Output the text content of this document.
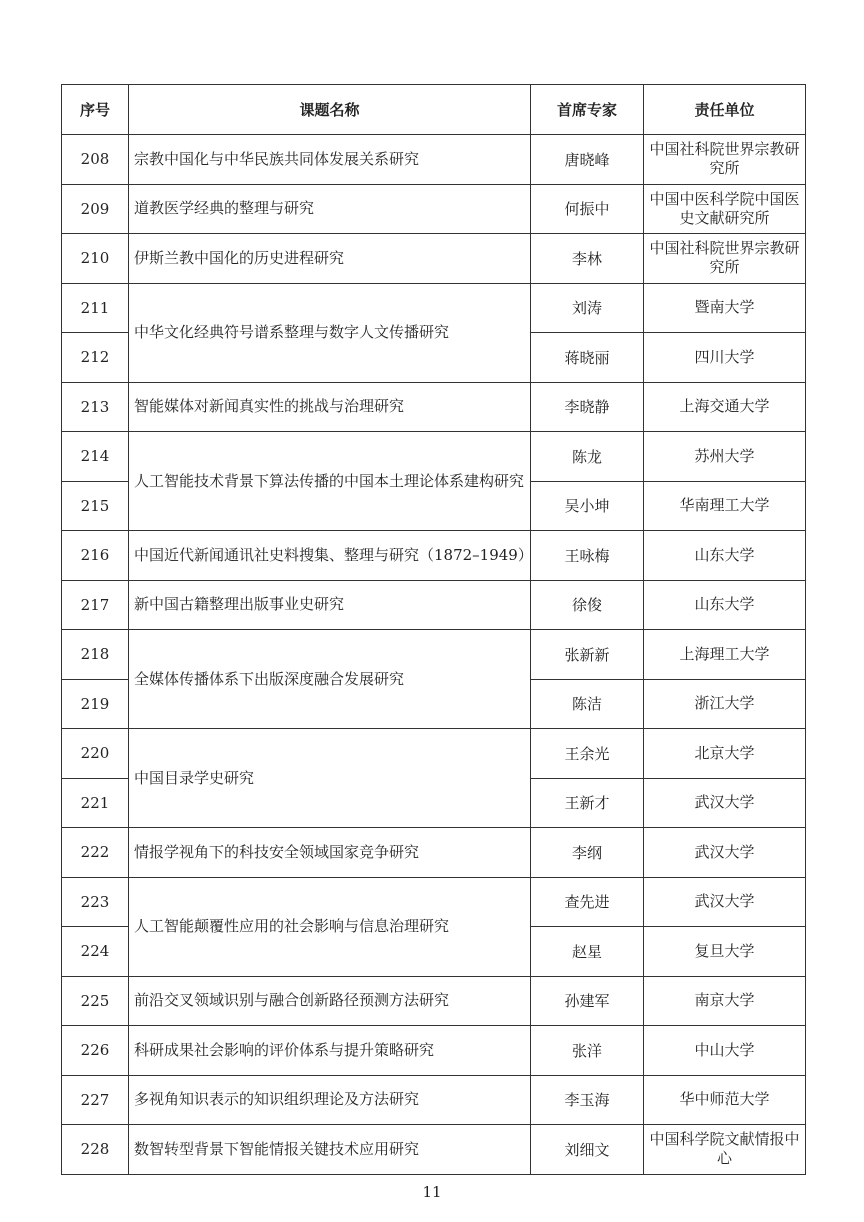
序号	课题名称	首席专家	责任单位
208	宗教中国化与中华民族共同体发展关系研究	唐晓峰	中国社科院世界宗教研究所
209	道教医学经典的整理与研究	何振中	中国中医科学院中国医史文献研究所
210	伊斯兰教中国化的历史进程研究	李林	中国社科院世界宗教研究所
211	中华文化经典符号谱系整理与数字人文传播研究	刘涛	暨南大学
212		蒋晓丽	四川大学
213	智能媒体对新闻真实性的挑战与治理研究	李晓静	上海交通大学
214	人工智能技术背景下算法传播的中国本土理论体系建构研究	陈龙	苏州大学
215		吴小坤	华南理工大学
216	中国近代新闻通讯社史料搜集、整理与研究（1872–1949）	王咏梅	山东大学
217	新中国古籍整理出版事业史研究	徐俊	山东大学
218	全媒体传播体系下出版深度融合发展研究	张新新	上海理工大学
219		陈洁	浙江大学
220	中国目录学史研究	王余光	北京大学
221		王新才	武汉大学
222	情报学视角下的科技安全领域国家竞争研究	李纲	武汉大学
223	人工智能颠覆性应用的社会影响与信息治理研究	查先进	武汉大学
224		赵星	复旦大学
225	前沿交叉领域识别与融合创新路径预测方法研究	孙建军	南京大学
226	科研成果社会影响的评价体系与提升策略研究	张洋	中山大学
227	多视角知识表示的知识组织理论及方法研究	李玉海	华中师范大学
228	数智转型背景下智能情报关键技术应用研究	刘细文	中国科学院文献情报中心
11
